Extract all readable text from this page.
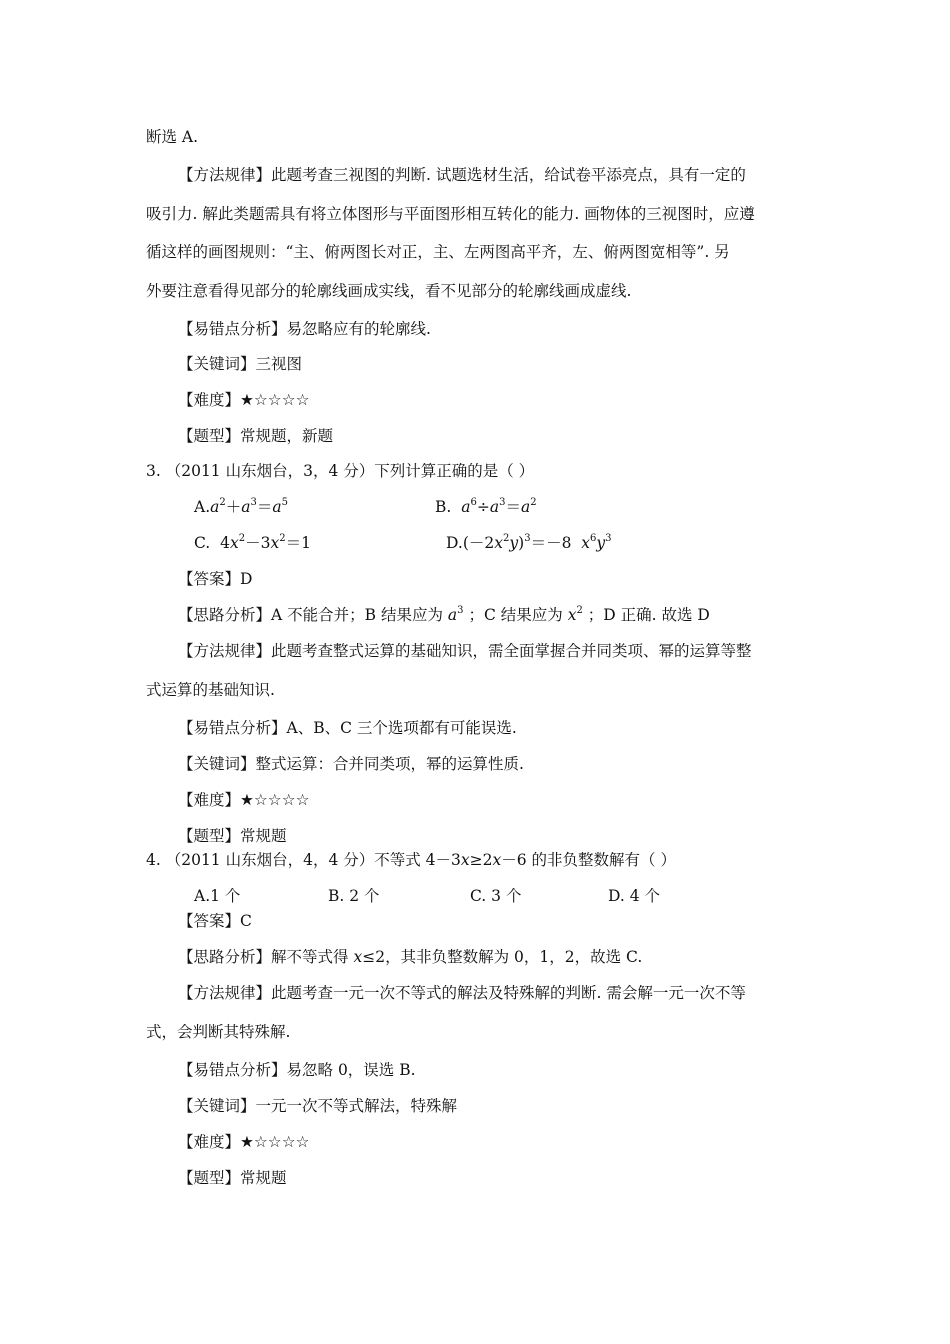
断选 A.
【方法规律】此题考查三视图的判断. 试题选材生活，给试卷平添亮点，具有一定的
吸引力. 解此类题需具有将立体图形与平面图形相互转化的能力. 画物体的三视图时，应遵
循这样的画图规则：“主、俯两图长对正，主、左两图高平齐，左、俯两图宽相等”. 另
外要注意看得见部分的轮廓线画成实线，看不见部分的轮廓线画成虚线.
【易错点分析】易忽略应有的轮廓线.
【关键词】三视图
【难度】★☆☆☆☆
【题型】常规题，新题
3. （2011 山东烟台，3，4 分）下列计算正确的是（ ）
$A.a^2+a^3=a^5$	B. $a^6\div a^3=a^2$
C.  $4x^2-3x^2=1$	$D.(-2x^2y)^3=-8$  $x^6y^3$
【答案】D
【思路分析】A 不能合并；B 结果应为 $a^3$ ；C 结果应为 $x^2$ ；D 正确. 故选 D
【方法规律】此题考查整式运算的基础知识，需全面掌握合并同类项、幂的运算等整
式运算的基础知识.
【易错点分析】A、B、C 三个选项都有可能误选.
【关键词】整式运算：合并同类项，幂的运算性质.
【难度】★☆☆☆☆
【题型】常规题
4. （2011 山东烟台，4，4 分）不等式 4－3x≥2x－6 的非负整数解有（ ）
A.1 个	B. 2 个	C. 3 个	D. 4 个
【答案】C
【思路分析】解不等式得 x≤2，其非负整数解为 0，1，2，故选 C.
【方法规律】此题考查一元一次不等式的解法及特殊解的判断. 需会解一元一次不等
式，会判断其特殊解.
【易错点分析】易忽略 0，误选 B.
【关键词】一元一次不等式解法，特殊解
【难度】★☆☆☆☆
【题型】常规题
